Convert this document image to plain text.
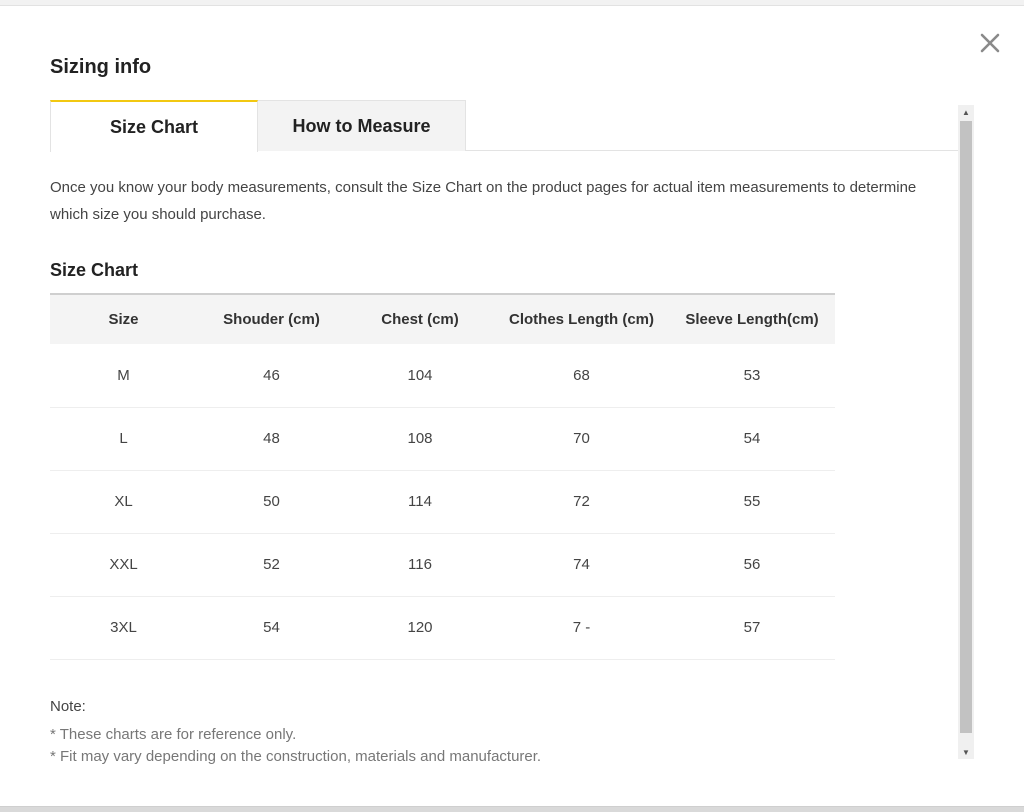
Sizing info
Size Chart	How to Measure

Once you know your body measurements, consult the Size Chart on the product pages for actual item measurements to determine which size you should purchase.

Size Chart
Size	Shouder (cm)	Chest (cm)	Clothes Length (cm)	Sleeve Length(cm)
M	46	104	68	53
L	48	108	70	54
XL	50	114	72	55
XXL	52	116	74	56
3XL	54	120	7 -	57
Note:
* These charts are for reference only.
* Fit may vary depending on the construction, materials and manufacturer.
▲
▼
